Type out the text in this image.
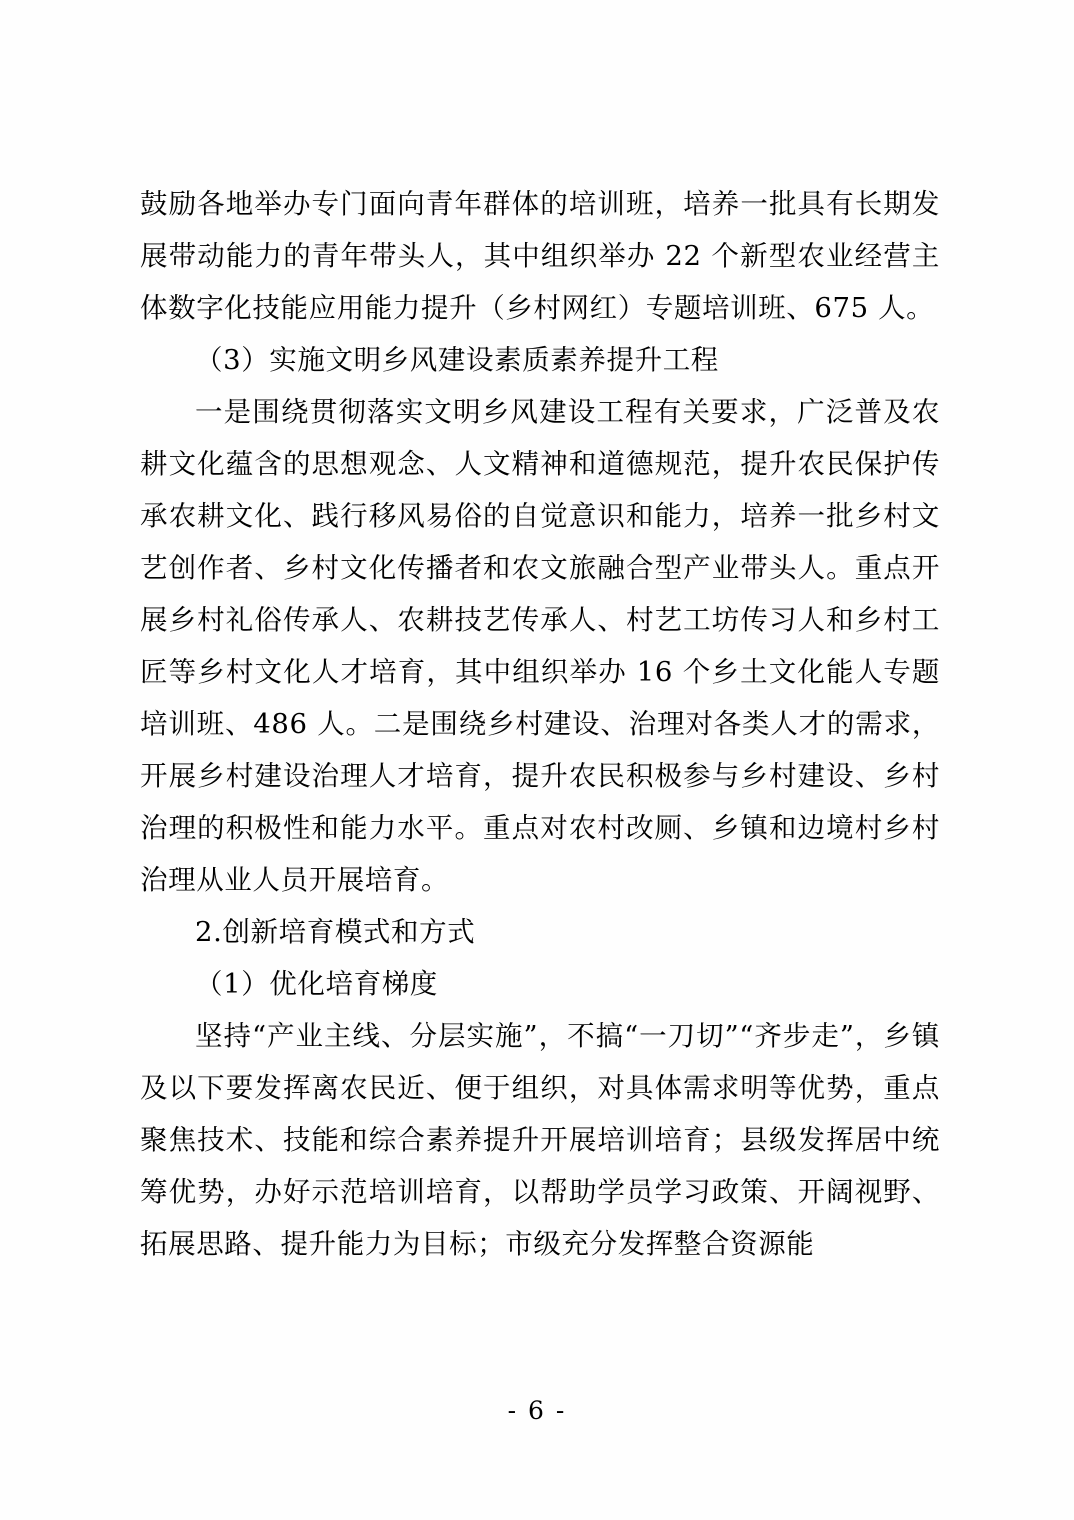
鼓励各地举办专门面向青年群体的培训班，培养一批具有长期发展带动能力的青年带头人，其中组织举办 22 个新型农业经营主体数字化技能应用能力提升（乡村网红）专题培训班、675 人。

（3）实施文明乡风建设素质素养提升工程

一是围绕贯彻落实文明乡风建设工程有关要求，广泛普及农耕文化蕴含的思想观念、人文精神和道德规范，提升农民保护传承农耕文化、践行移风易俗的自觉意识和能力，培养一批乡村文艺创作者、乡村文化传播者和农文旅融合型产业带头人。重点开展乡村礼俗传承人、农耕技艺传承人、村艺工坊传习人和乡村工匠等乡村文化人才培育，其中组织举办 16 个乡土文化能人专题培训班、486 人。二是围绕乡村建设、治理对各类人才的需求，开展乡村建设治理人才培育，提升农民积极参与乡村建设、乡村治理的积极性和能力水平。重点对农村改厕、乡镇和边境村乡村治理从业人员开展培育。

2.创新培育模式和方式

（1）优化培育梯度

坚持“产业主线、分层实施”，不搞“一刀切”“齐步走”，乡镇及以下要发挥离农民近、便于组织，对具体需求明等优势，重点聚焦技术、技能和综合素养提升开展培训培育；县级发挥居中统筹优势，办好示范培训培育，以帮助学员学习政策、开阔视野、拓展思路、提升能力为目标；市级充分发挥整合资源能

- 6 -
